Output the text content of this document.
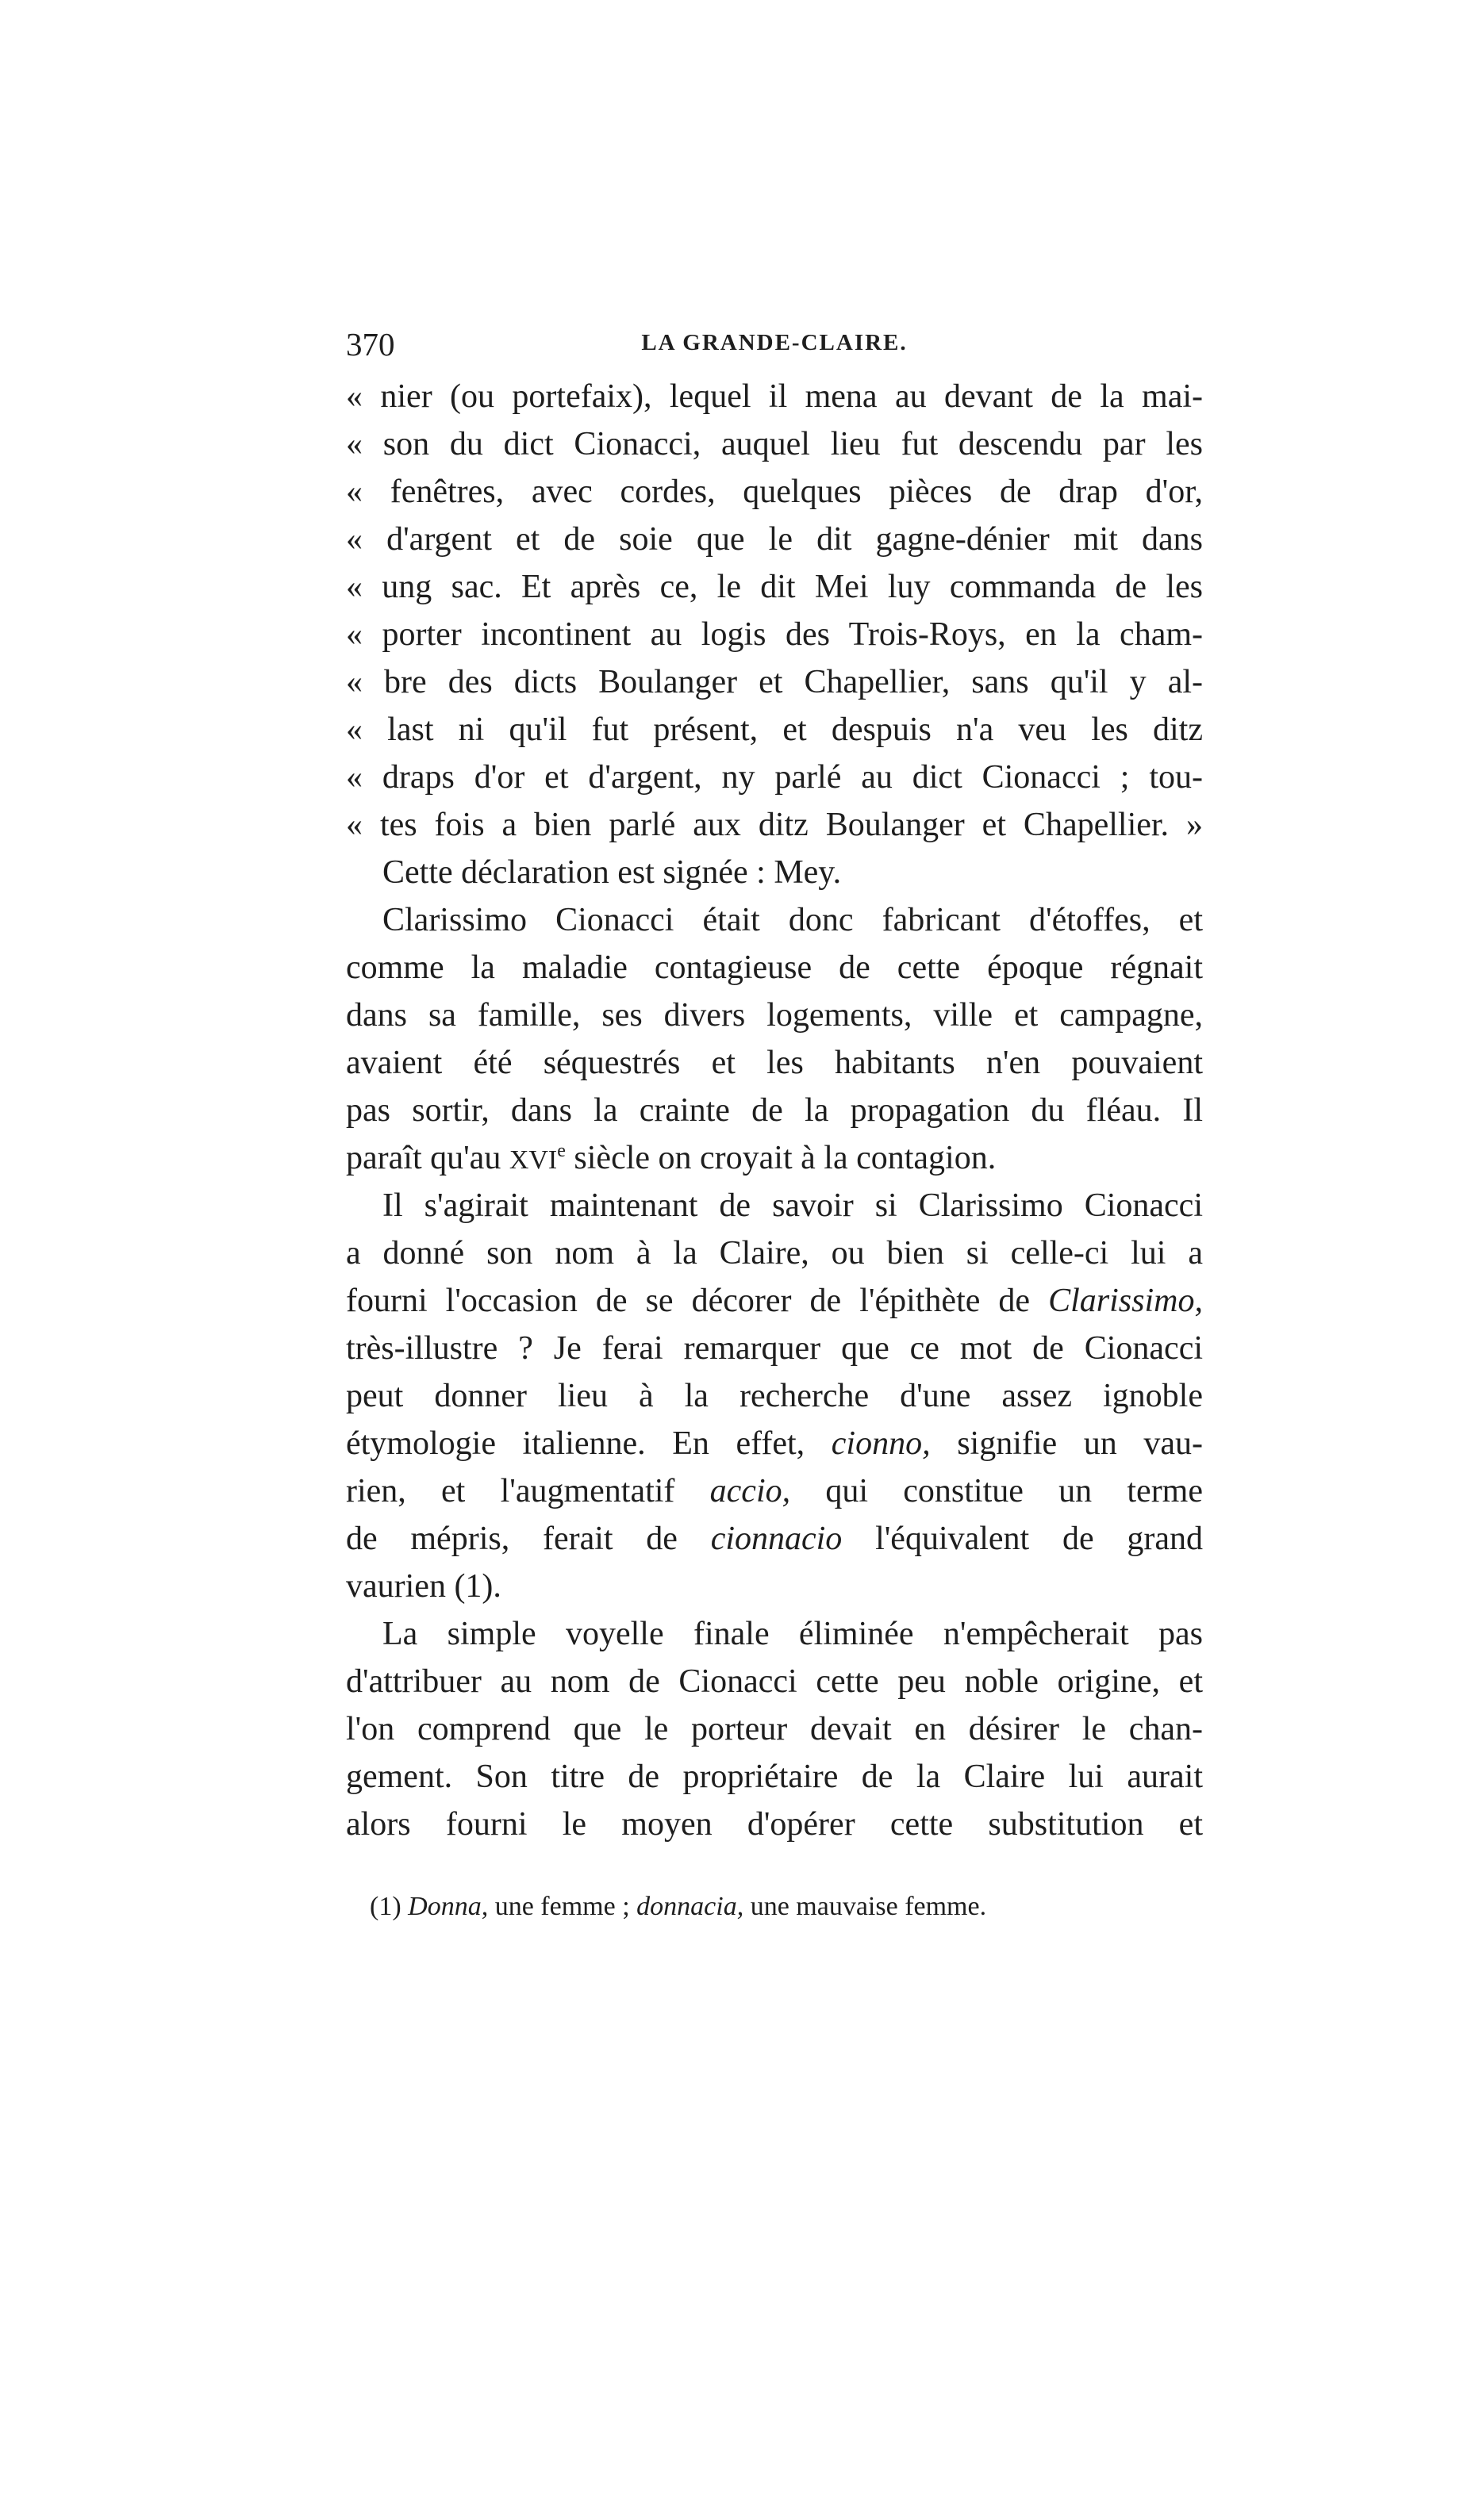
370	LA GRANDE-CLAIRE.
« nier (ou portefaix), lequel il mena au devant de la mai-
« son du dict Cionacci, auquel lieu fut descendu par les
« fenêtres, avec cordes, quelques pièces de drap d'or,
« d'argent et de soie que le dit gagne-dénier mit dans
« ung sac. Et après ce, le dit Mei luy commanda de les
« porter incontinent au logis des Trois-Roys, en la cham-
« bre des dicts Boulanger et Chapellier, sans qu'il y al-
« last ni qu'il fut présent, et despuis n'a veu les ditz
« draps d'or et d'argent, ny parlé au dict Cionacci ; tou-
« tes fois a bien parlé aux ditz Boulanger et Chapellier. »
Cette déclaration est signée : Mey.
Clarissimo Cionacci était donc fabricant d'étoffes, et
comme la maladie contagieuse de cette époque régnait
dans sa famille, ses divers logements, ville et campagne,
avaient été séquestrés et les habitants n'en pouvaient
pas sortir, dans la crainte de la propagation du fléau. Il
paraît qu'au XVIe siècle on croyait à la contagion.
Il s'agirait maintenant de savoir si Clarissimo Cionacci
a donné son nom à la Claire, ou bien si celle-ci lui a
fourni l'occasion de se décorer de l'épithète de Clarissimo,
très-illustre ? Je ferai remarquer que ce mot de Cionacci
peut donner lieu à la recherche d'une assez ignoble
étymologie italienne. En effet, cionno, signifie un vau-
rien, et l'augmentatif accio, qui constitue un terme
de mépris, ferait de cionnacio l'équivalent de grand
vaurien (1).
La simple voyelle finale éliminée n'empêcherait pas
d'attribuer au nom de Cionacci cette peu noble origine, et
l'on comprend que le porteur devait en désirer le chan-
gement. Son titre de propriétaire de la Claire lui aurait
alors fourni le moyen d'opérer cette substitution et
(1) Donna, une femme ; donnacia, une mauvaise femme.
